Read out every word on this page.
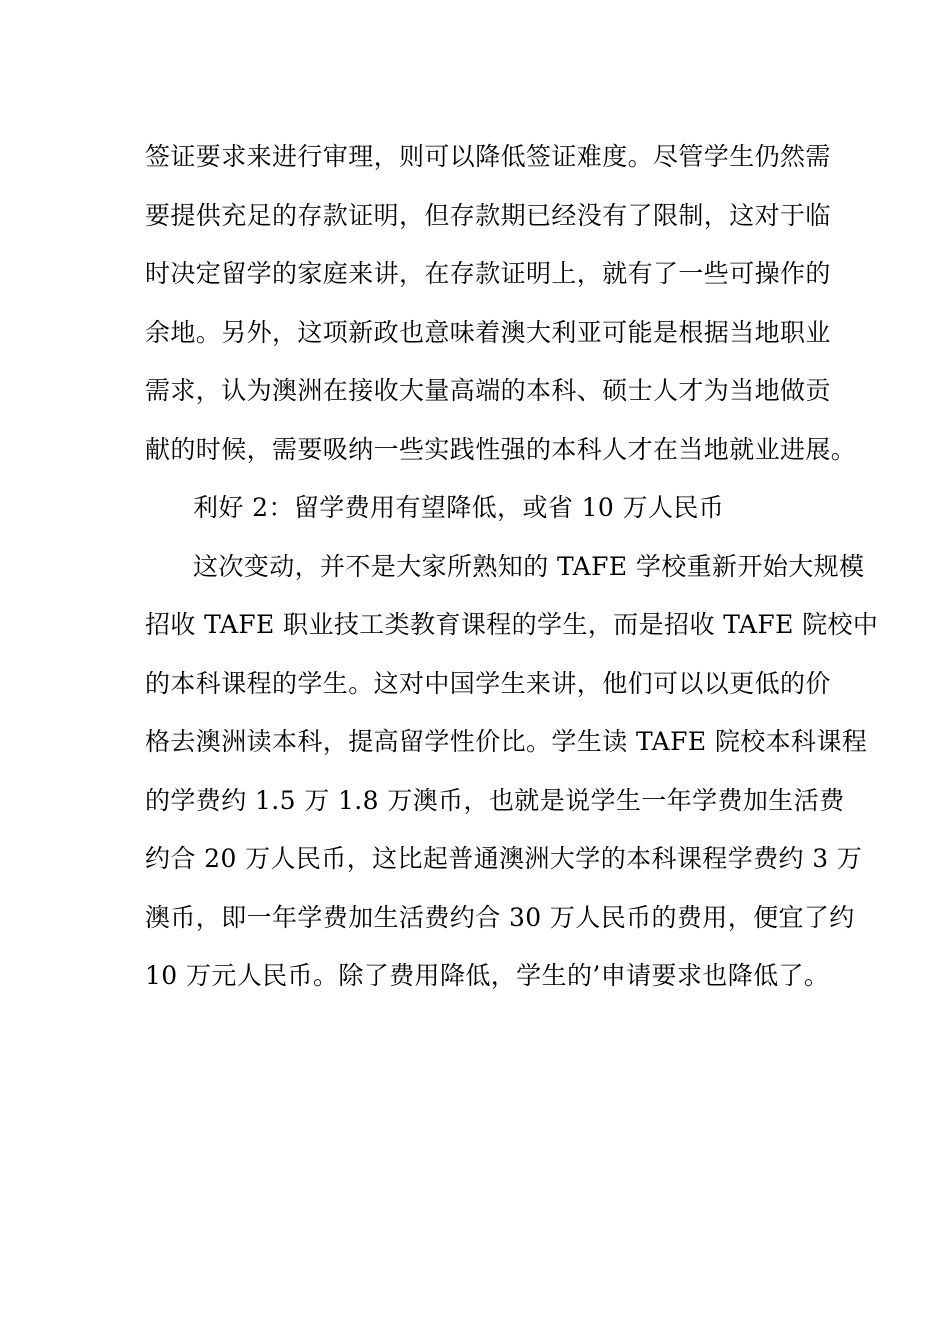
签证要求来进行审理，则可以降低签证难度。尽管学生仍然需

要提供充足的存款证明，但存款期已经没有了限制，这对于临

时决定留学的家庭来讲，在存款证明上，就有了一些可操作的

余地。另外，这项新政也意味着澳大利亚可能是根据当地职业

需求，认为澳洲在接收大量高端的本科、硕士人才为当地做贡

献的时候，需要吸纳一些实践性强的本科人才在当地就业进展。

利好 2：留学费用有望降低，或省 10 万人民币

这次变动，并不是大家所熟知的 TAFE 学校重新开始大规模

招收 TAFE 职业技工类教育课程的学生，而是招收 TAFE 院校中

的本科课程的学生。这对中国学生来讲，他们可以以更低的价

格去澳洲读本科，提高留学性价比。学生读 TAFE 院校本科课程

的学费约 1.5 万 1.8 万澳币，也就是说学生一年学费加生活费

约合 20 万人民币，这比起普通澳洲大学的本科课程学费约 3 万

澳币，即一年学费加生活费约合 30 万人民币的费用，便宜了约

10 万元人民币。除了费用降低，学生的’申请要求也降低了。
